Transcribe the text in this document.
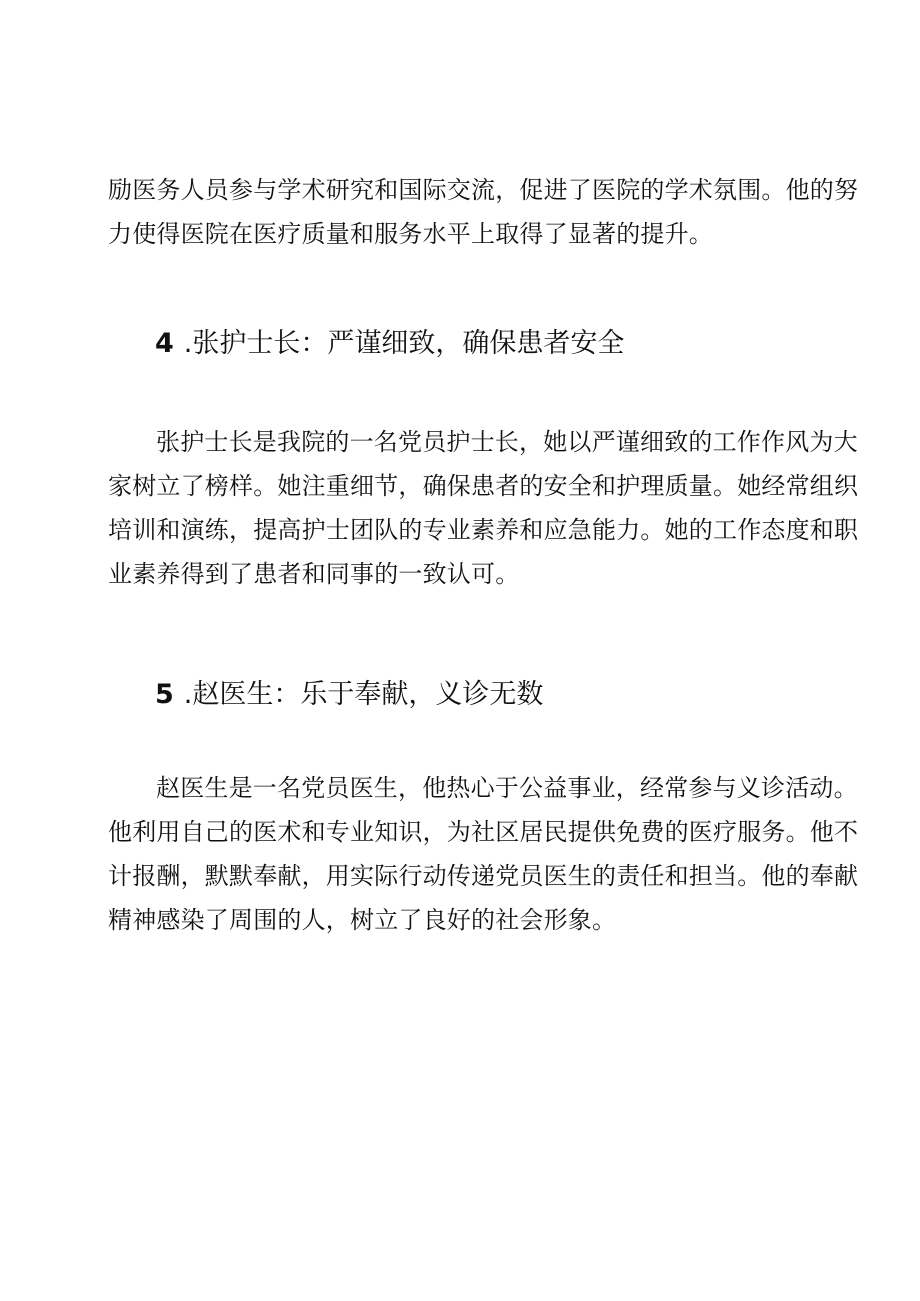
励医务人员参与学术研究和国际交流，促进了医院的学术氛围。他的努
力使得医院在医疗质量和服务水平上取得了显著的提升。

4 .张护士长：严谨细致，确保患者安全

张护士长是我院的一名党员护士长，她以严谨细致的工作作风为大
家树立了榜样。她注重细节，确保患者的安全和护理质量。她经常组织
培训和演练，提高护士团队的专业素养和应急能力。她的工作态度和职
业素养得到了患者和同事的一致认可。

5 .赵医生：乐于奉献，义诊无数

赵医生是一名党员医生，他热心于公益事业，经常参与义诊活动。
他利用自己的医术和专业知识，为社区居民提供免费的医疗服务。他不
计报酬，默默奉献，用实际行动传递党员医生的责任和担当。他的奉献
精神感染了周围的人，树立了良好的社会形象。
